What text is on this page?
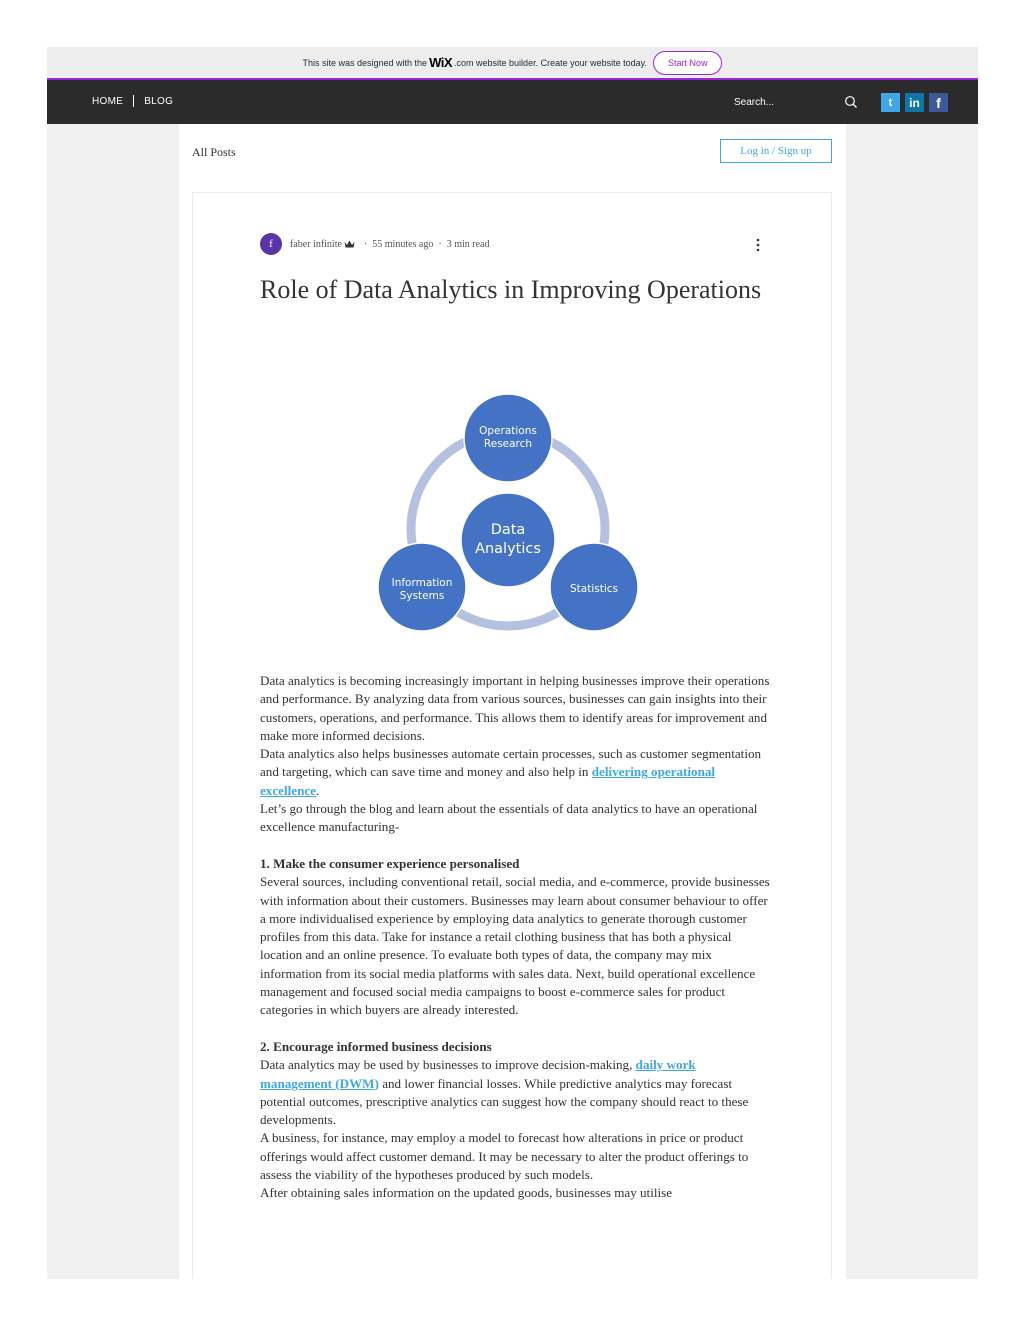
This site was designed with the WiX .com website builder. Create your website today.	Start Now
HOME BLOG
Search...	t	in	f
All Posts	Log in / Sign up
f	faber infinite · 55 minutes ago · 3 min read
Role of Data Analytics in Improving Operations
Operations
Research
Data
Analytics
Information
Systems
Statistics

Data analytics is becoming increasingly important in helping businesses improve their operations and performance. By analyzing data from various sources, businesses can gain insights into their customers, operations, and performance. This allows them to identify areas for improvement and make more informed decisions.

Data analytics also helps businesses automate certain processes, such as customer segmentation and targeting, which can save time and money and also help in delivering operational excellence.

Let’s go through the blog and learn about the essentials of data analytics to have an operational excellence manufacturing-

1. Make the consumer experience personalised

Several sources, including conventional retail, social media, and e-commerce, provide businesses with information about their customers. Businesses may learn about consumer behaviour to offer a more individualised experience by employing data analytics to generate thorough customer profiles from this data. Take for instance a retail clothing business that has both a physical location and an online presence. To evaluate both types of data, the company may mix information from its social media platforms with sales data. Next, build operational excellence management and focused social media campaigns to boost e-commerce sales for product categories in which buyers are already interested.

2. Encourage informed business decisions

Data analytics may be used by businesses to improve decision-making, daily work management (DWM) and lower financial losses. While predictive analytics may forecast potential outcomes, prescriptive analytics can suggest how the company should react to these developments.

A business, for instance, may employ a model to forecast how alterations in price or product offerings would affect customer demand. It may be necessary to alter the product offerings to assess the viability of the hypotheses produced by such models.

After obtaining sales information on the updated goods, businesses may utilise
